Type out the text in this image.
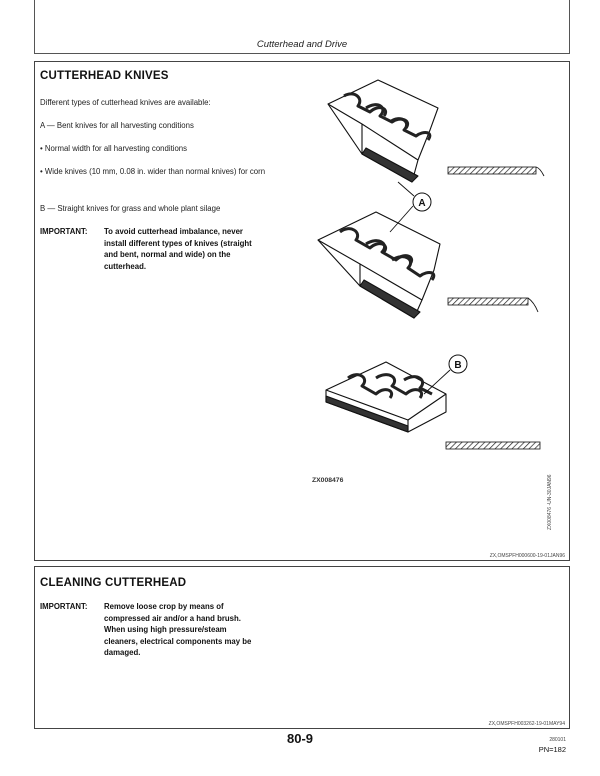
Cutterhead and Drive
CUTTERHEAD KNIVES
Different types of cutterhead knives are available:
A — Bent knives for all harvesting conditions
• Normal width for all harvesting conditions
• Wide knives (10 mm, 0.08 in. wider than normal knives) for corn
B — Straight knives for grass and whole plant silage
IMPORTANT: To avoid cutterhead imbalance, never
install different types of knives (straight
and bent, normal and wide) on the
cutterhead.
A
B
ZX008476	ZX008476 -UN-30JAN96
ZX,OMSPFH000600-19-01JAN96
CLEANING CUTTERHEAD
IMPORTANT: Remove loose crop by means of
compressed air and/or a hand brush.
When using high pressure/steam
cleaners, electrical components may be
damaged.
ZX,OMSPFH003262-19-01MAY94
80-9	280101
PN=182
